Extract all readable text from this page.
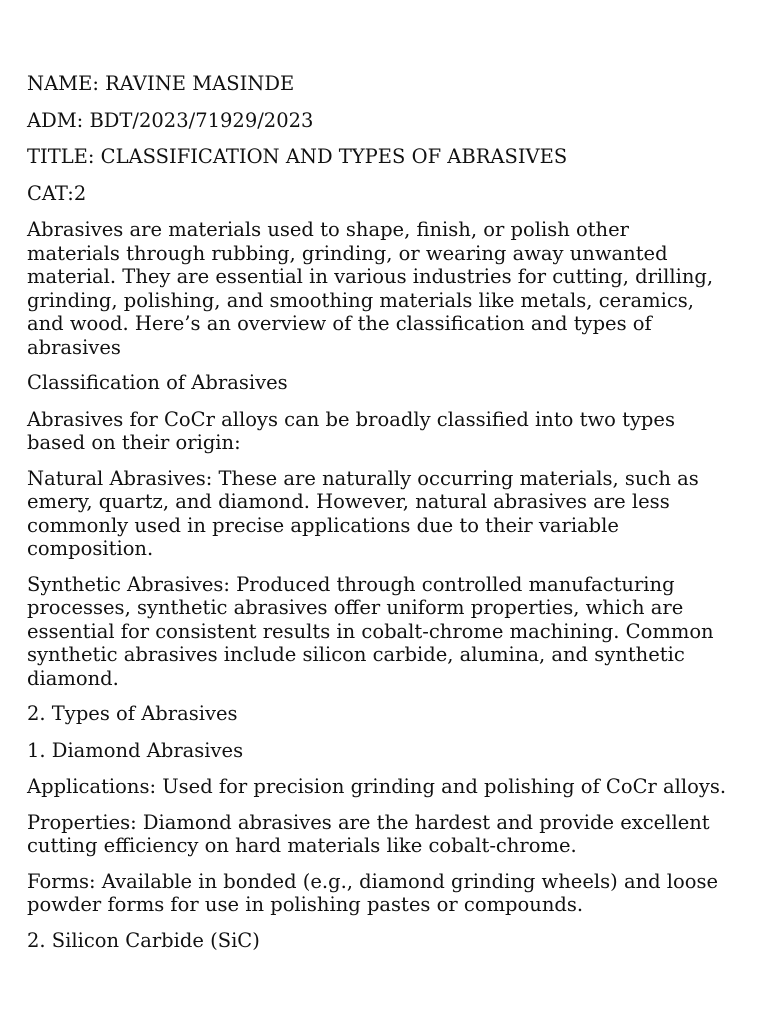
NAME: RAVINE MASINDE

ADM: BDT/2023/71929/2023

TITLE: CLASSIFICATION AND TYPES OF ABRASIVES

CAT:2

Abrasives are materials used to shape, finish, or polish other materials through rubbing, grinding, or wearing away unwanted material. They are essential in various industries for cutting, drilling, grinding, polishing, and smoothing materials like metals, ceramics, and wood. Here’s an overview of the classification and types of abrasives

Classification of Abrasives

Abrasives for CoCr alloys can be broadly classified into two types based on their origin:

Natural Abrasives: These are naturally occurring materials, such as emery, quartz, and diamond. However, natural abrasives are less commonly used in precise applications due to their variable composition.

Synthetic Abrasives: Produced through controlled manufacturing processes, synthetic abrasives offer uniform properties, which are essential for consistent results in cobalt-chrome machining. Common synthetic abrasives include silicon carbide, alumina, and synthetic diamond.

2. Types of Abrasives

1. Diamond Abrasives

Applications: Used for precision grinding and polishing of CoCr alloys.

Properties: Diamond abrasives are the hardest and provide excellent cutting efficiency on hard materials like cobalt-chrome.

Forms: Available in bonded (e.g., diamond grinding wheels) and loose powder forms for use in polishing pastes or compounds.

2. Silicon Carbide (SiC)
